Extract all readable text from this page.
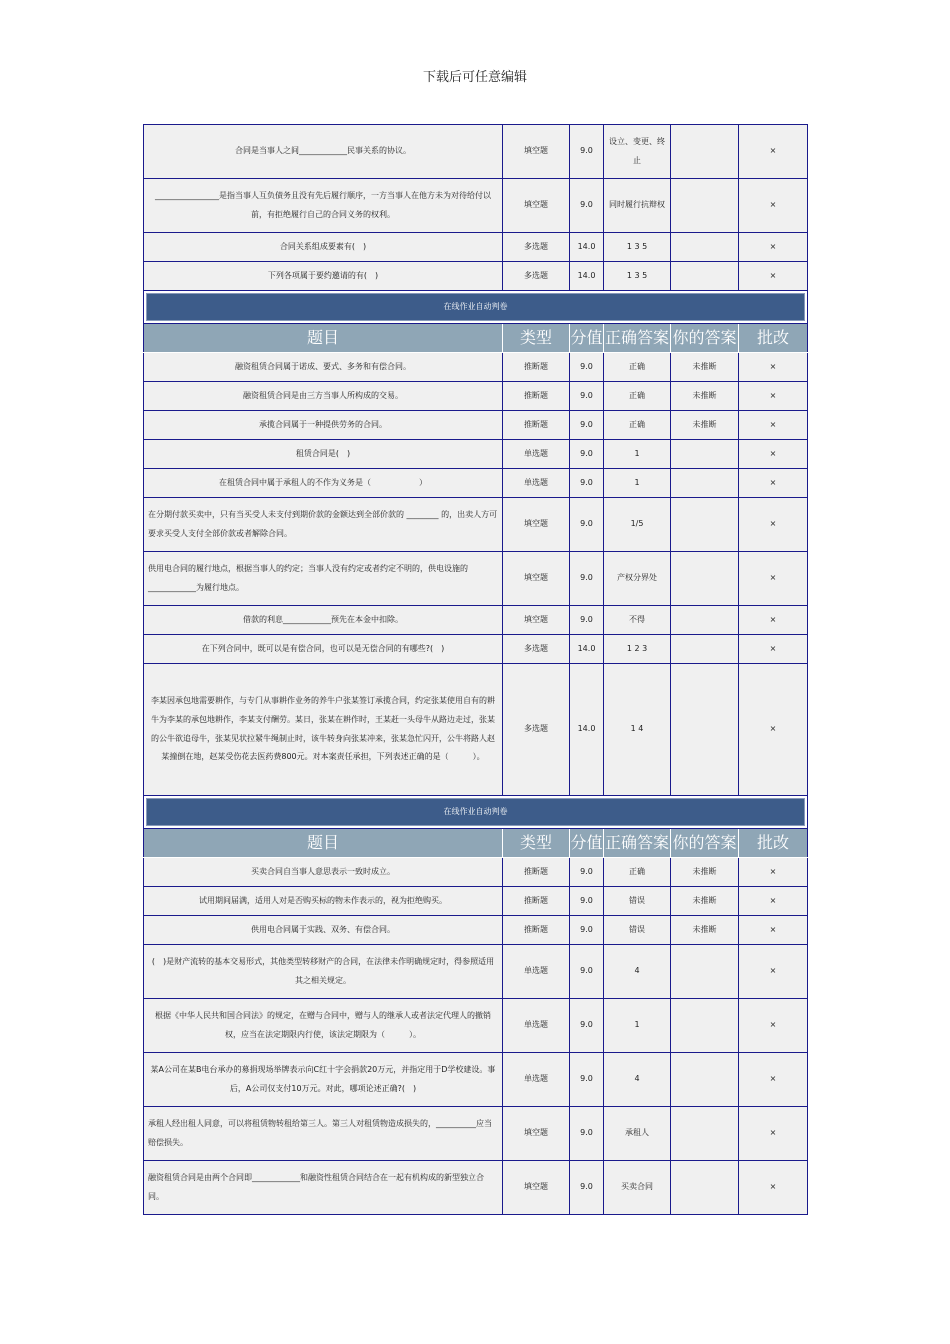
下载后可任意编辑
合同是当事人之间____________民事关系的协议。	填空题	9.0	设立、变更、终止		×
________________是指当事人互负债务且没有先后履行顺序，一方当事人在他方未为对待给付以前，有拒绝履行自己的合同义务的权利。	填空题	9.0	同时履行抗辩权		×
合同关系组成要素有(　)	多选题	14.0	1 3 5		×
下列各项属于要约邀请的有(　)	多选题	14.0	1 3 5		×

在线作业自动判卷					

题目	类型	分值	正确答案	你的答案	批改
融资租赁合同属于诺成、要式、多务和有偿合同。	推断题	9.0	正确	未推断	×
融资租赁合同是由三方当事人所构成的交易。	推断题	9.0	正确	未推断	×
承揽合同属于一种提供劳务的合同。	推断题	9.0	正确	未推断	×
租赁合同是(　)	单选题	9.0	1		×
在租赁合同中属于承租人的不作为义务是（　　　　　　）	单选题	9.0	1		×
在分期付款买卖中，只有当买受人未支付到期价款的金额达到全部价款的 ________ 的，出卖人方可要求买受人支付全部价款或者解除合同。	填空题	9.0	1/5		×
供用电合同的履行地点，根据当事人的约定；当事人没有约定或者约定不明的，供电设施的____________为履行地点。	填空题	9.0	产权分界处		×
借款的利息____________预先在本金中扣除。	填空题	9.0	不得		×
在下列合同中，既可以是有偿合同，也可以是无偿合同的有哪些?(　)	多选题	14.0	1 2 3		×
李某因承包地需要耕作，与专门从事耕作业务的养牛户张某签订承揽合同，约定张某使用自有的耕牛为李某的承包地耕作，李某支付酬劳。某日，张某在耕作时，王某赶一头母牛从路边走过，张某的公牛欲追母牛，张某见状拉紧牛绳制止时，该牛转身向张某冲来，张某急忙闪开，公牛将路人赵某撞倒在地，赵某受伤花去医药费800元。对本案责任承担，下列表述正确的是（　　　）。	多选题	14.0	1 4		×

在线作业自动判卷					

题目	类型	分值	正确答案	你的答案	批改
买卖合同自当事人意思表示一致时成立。	推断题	9.0	正确	未推断	×
试用期间届满，适用人对是否购买标的物未作表示的，视为拒绝购买。	推断题	9.0	错误	未推断	×
供用电合同属于实践、双务、有偿合同。	推断题	9.0	错误	未推断	×
(　)是财产流转的基本交易形式，其他类型转移财产的合同，在法律未作明确规定时，得参照适用其之相关规定。	单选题	9.0	4		×
根据《中华人民共和国合同法》的规定，在赠与合同中，赠与人的继承人或者法定代理人的撤销权，应当在法定期限内行使，该法定期限为（　　　）。	单选题	9.0	1		×
某A公司在某B电台承办的募捐现场举牌表示向C红十字会捐款20万元，并指定用于D学校建设。事后，A公司仅支付10万元。对此，哪项论述正确?(　)	单选题	9.0	4		×
承租人经出租人同意，可以将租赁物转租给第三人。第三人对租赁物造成损失的，__________应当赔偿损失。	填空题	9.0	承租人		×
融资租赁合同是由两个合同即____________和融资性租赁合同结合在一起有机构成的新型独立合同。	填空题	9.0	买卖合同		×
